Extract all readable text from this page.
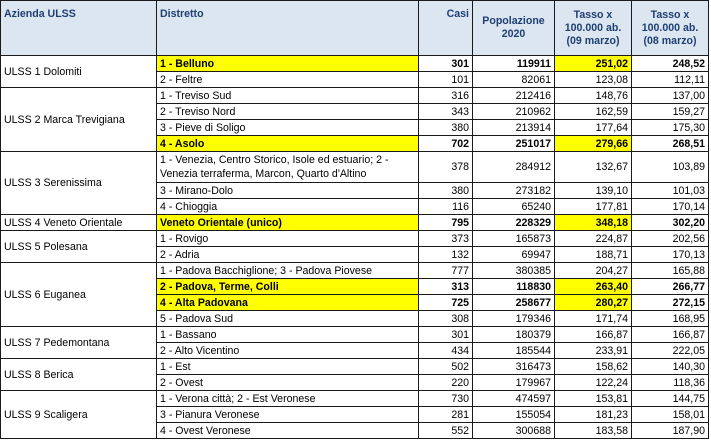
Azienda ULSS	Distretto	Casi	Popolazione 2020	Tasso x 100.000 ab. (09 marzo)	Tasso x 100.000 ab. (08 marzo)
ULSS 1 Dolomiti	1 - Belluno	301	119911	251,02	248,52
	2 - Feltre	101	82061	123,08	112,11
ULSS 2 Marca Trevigiana	1 - Treviso Sud	316	212416	148,76	137,00
	2 - Treviso Nord	343	210962	162,59	159,27
	3 - Pieve di Soligo	380	213914	177,64	175,30
	4 - Asolo	702	251017	279,66	268,51
ULSS 3 Serenissima	1 - Venezia, Centro Storico, Isole ed estuario; 2 - Venezia terraferma, Marcon, Quarto d'Altino	378	284912	132,67	103,89
	3 - Mirano-Dolo	380	273182	139,10	101,03
	4 - Chioggia	116	65240	177,81	170,14
ULSS 4 Veneto Orientale	Veneto Orientale (unico)	795	228329	348,18	302,20
ULSS 5 Polesana	1 - Rovigo	373	165873	224,87	202,56
	2 - Adria	132	69947	188,71	170,13
ULSS 6 Euganea	1 - Padova Bacchiglione; 3 - Padova Piovese	777	380385	204,27	165,88
	2 - Padova, Terme, Colli	313	118830	263,40	266,77
	4 - Alta Padovana	725	258677	280,27	272,15
	5 - Padova Sud	308	179346	171,74	168,95
ULSS 7 Pedemontana	1 - Bassano	301	180379	166,87	166,87
	2 - Alto Vicentino	434	185544	233,91	222,05
ULSS 8 Berica	1 - Est	502	316473	158,62	140,30
	2 - Ovest	220	179967	122,24	118,36
ULSS 9 Scaligera	1 - Verona città; 2 - Est Veronese	730	474597	153,81	144,75
	3 - Pianura Veronese	281	155054	181,23	158,01
	4 - Ovest Veronese	552	300688	183,58	187,90
